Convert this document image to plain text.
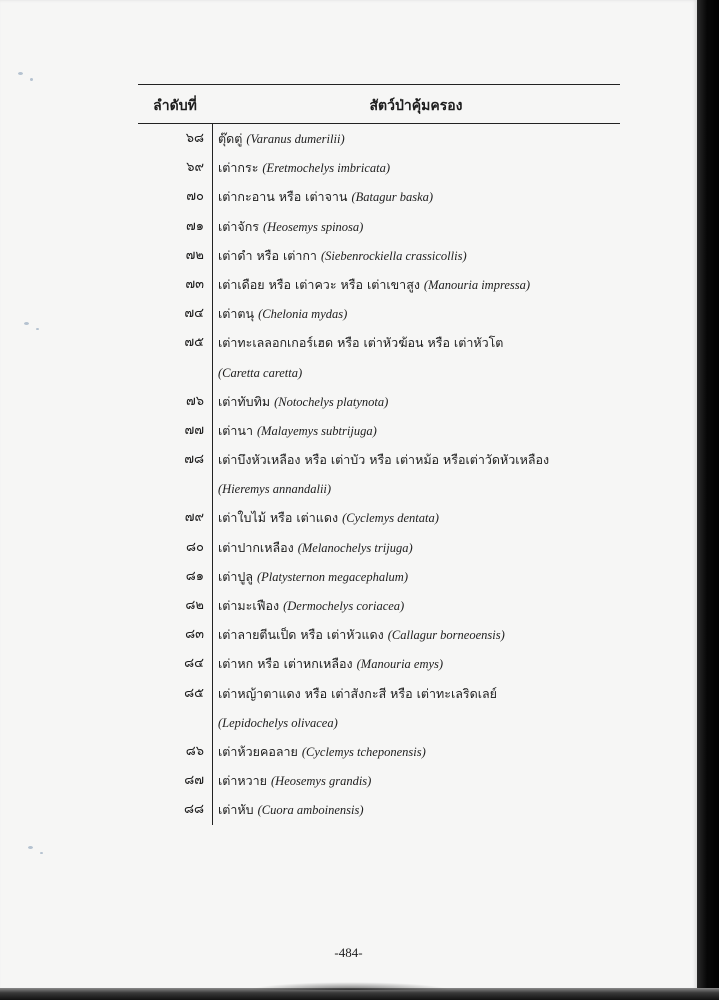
ลำดับที่	สัตว์ป่าคุ้มครอง
๖๘ ตุ๊ดตู่ (Varanus dumerilii)
๖๙ เต่ากระ (Eretmochelys imbricata)
๗๐ เต่ากะอาน หรือ เต่าจาน (Batagur baska)
๗๑ เต่าจักร (Heosemys spinosa)
๗๒ เต่าดำ หรือ เต่ากา (Siebenrockiella crassicollis)
๗๓ เต่าเดือย หรือ เต่าควะ หรือ เต่าเขาสูง (Manouria impressa)
๗๔ เต่าตนุ (Chelonia mydas)
๗๕ เต่าทะเลลอกเกอร์เฮด หรือ เต่าหัวฆ้อน หรือ เต่าหัวโต
(Caretta caretta)
๗๖ เต่าทับทิม (Notochelys platynota)
๗๗ เต่านา (Malayemys subtrijuga)
๗๘ เต่าบึงหัวเหลือง หรือ เต่าบัว หรือ เต่าหม้อ หรือเต่าวัดหัวเหลือง
(Hieremys annandalii)
๗๙ เต่าใบไม้ หรือ เต่าแดง (Cyclemys dentata)
๘๐ เต่าปากเหลือง (Melanochelys trijuga)
๘๑ เต่าปูลู (Platysternon megacephalum)
๘๒ เต่ามะเฟือง (Dermochelys coriacea)
๘๓ เต่าลายตีนเป็ด หรือ เต่าหัวแดง (Callagur borneoensis)
๘๔ เต่าหก หรือ เต่าหกเหลือง (Manouria emys)
๘๕ เต่าหญ้าตาแดง หรือ เต่าสังกะสี หรือ เต่าทะเลริดเลย์
(Lepidochelys olivacea)
๘๖ เต่าห้วยคอลาย (Cyclemys tcheponensis)
๘๗ เต่าหวาย (Heosemys grandis)
๘๘ เต่าหับ (Cuora amboinensis)
-484-
